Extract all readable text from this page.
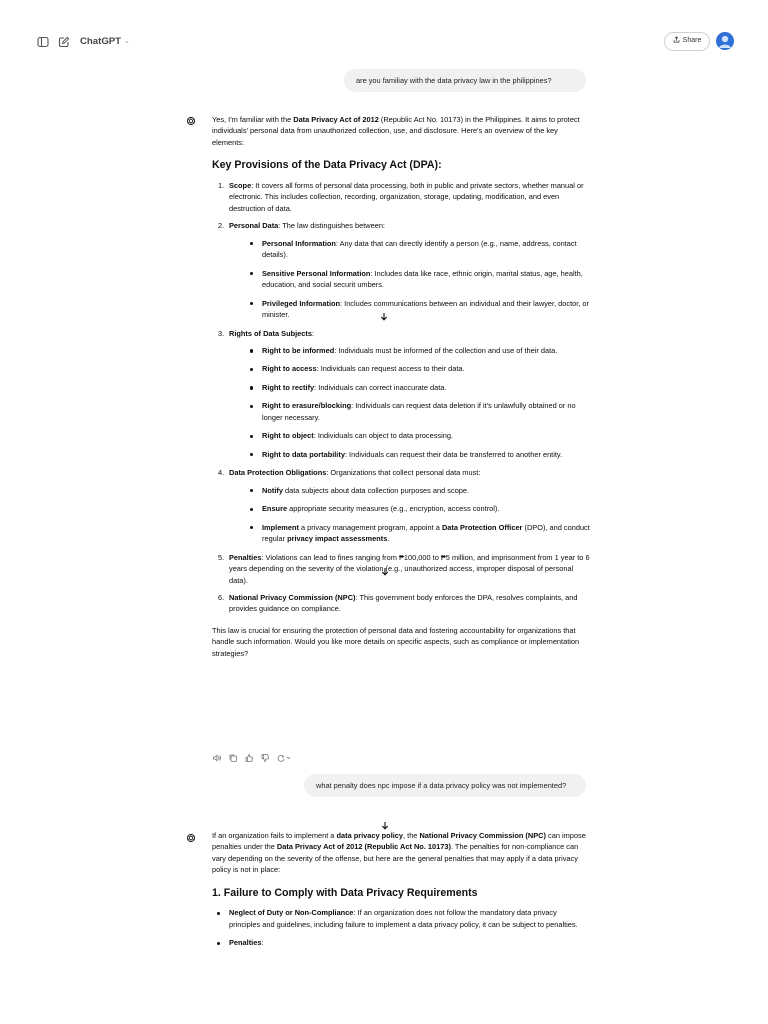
ChatGPT ⌄	Share
are you familiay with the data privacy law in the philippines?

Yes, I'm familiar with the Data Privacy Act of 2012 (Republic Act No. 10173) in the Philippines. It aims to protect individuals' personal data from unauthorized collection, use, and disclosure. Here's an overview of the key elements:

Key Provisions of the Data Privacy Act (DPA):
1. Scope: It covers all forms of personal data processing, both in public and private sectors, whether manual or electronic. This includes collection, recording, organization, storage, updating, modification, and even destruction of data.
2. Personal Data: The law distinguishes between:
Personal Information: Any data that can directly identify a person (e.g., name, address, contact details).
Sensitive Personal Information: Includes data like race, ethnic origin, marital status, age, health, education, and social securit umbers.
Privileged Information: Includes communications between an individual and their lawyer, doctor, or minister.
3. Rights of Data Subjects:
Right to be informed: Individuals must be informed of the collection and use of their data.
Right to access: Individuals can request access to their data.
Right to rectify: Individuals can correct inaccurate data.
Right to erasure/blocking: Individuals can request data deletion if it's unlawfully obtained or no longer necessary.
Right to object: Individuals can object to data processing.
Right to data portability: Individuals can request their data be transferred to another entity.
4. Data Protection Obligations: Organizations that collect personal data must:
Notify data subjects about data collection purposes and scope.
Ensure appropriate security measures (e.g., encryption, access control).
Implement a privacy management program, appoint a Data Protection Officer (DPO), and conduct regular privacy impact assessments.
5. Penalties: Violations can lead to fines ranging from ₱100,000 to ₱5 million, and imprisonment from 1 year to 6 years depending on the severity of the violation (e.g., unauthorized access, improper disposal of personal data).
6. National Privacy Commission (NPC): This government body enforces the DPA, resolves complaints, and provides guidance on compliance.

This law is crucial for ensuring the protection of personal data and fostering accountability for organizations that handle such information. Would you like more details on specific aspects, such as compliance or implementation strategies?

what penalty does npc impose if a data privacy policy was not implemented?

If an organization fails to implement a data privacy policy, the National Privacy Commission (NPC) can impose penalties under the Data Privacy Act of 2012 (Republic Act No. 10173). The penalties for non-compliance can vary depending on the severity of the offense, but here are the general penalties that may apply if a data privacy policy is not in place:

1. Failure to Comply with Data Privacy Requirements
Neglect of Duty or Non-Compliance: If an organization does not follow the mandatory data privacy principles and guidelines, including failure to implement a data privacy policy, it can be subject to penalties.
Penalties:
